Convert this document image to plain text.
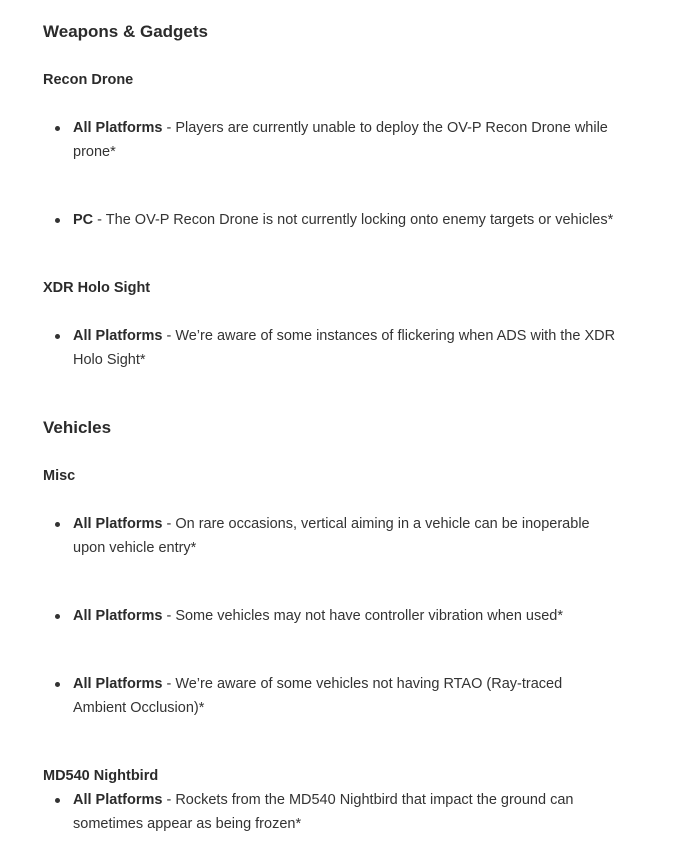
Weapons & Gadgets
Recon Drone
All Platforms - Players are currently unable to deploy the OV-P Recon Drone while prone*
PC - The OV-P Recon Drone is not currently locking onto enemy targets or vehicles*
XDR Holo Sight
All Platforms - We’re aware of some instances of flickering when ADS with the XDR Holo Sight*
Vehicles
Misc
All Platforms - On rare occasions, vertical aiming in a vehicle can be inoperable upon vehicle entry*
All Platforms - Some vehicles may not have controller vibration when used*
All Platforms - We’re aware of some vehicles not having RTAO (Ray-traced Ambient Occlusion)*
MD540 Nightbird
All Platforms - Rockets from the MD540 Nightbird that impact the ground can sometimes appear as being frozen*
